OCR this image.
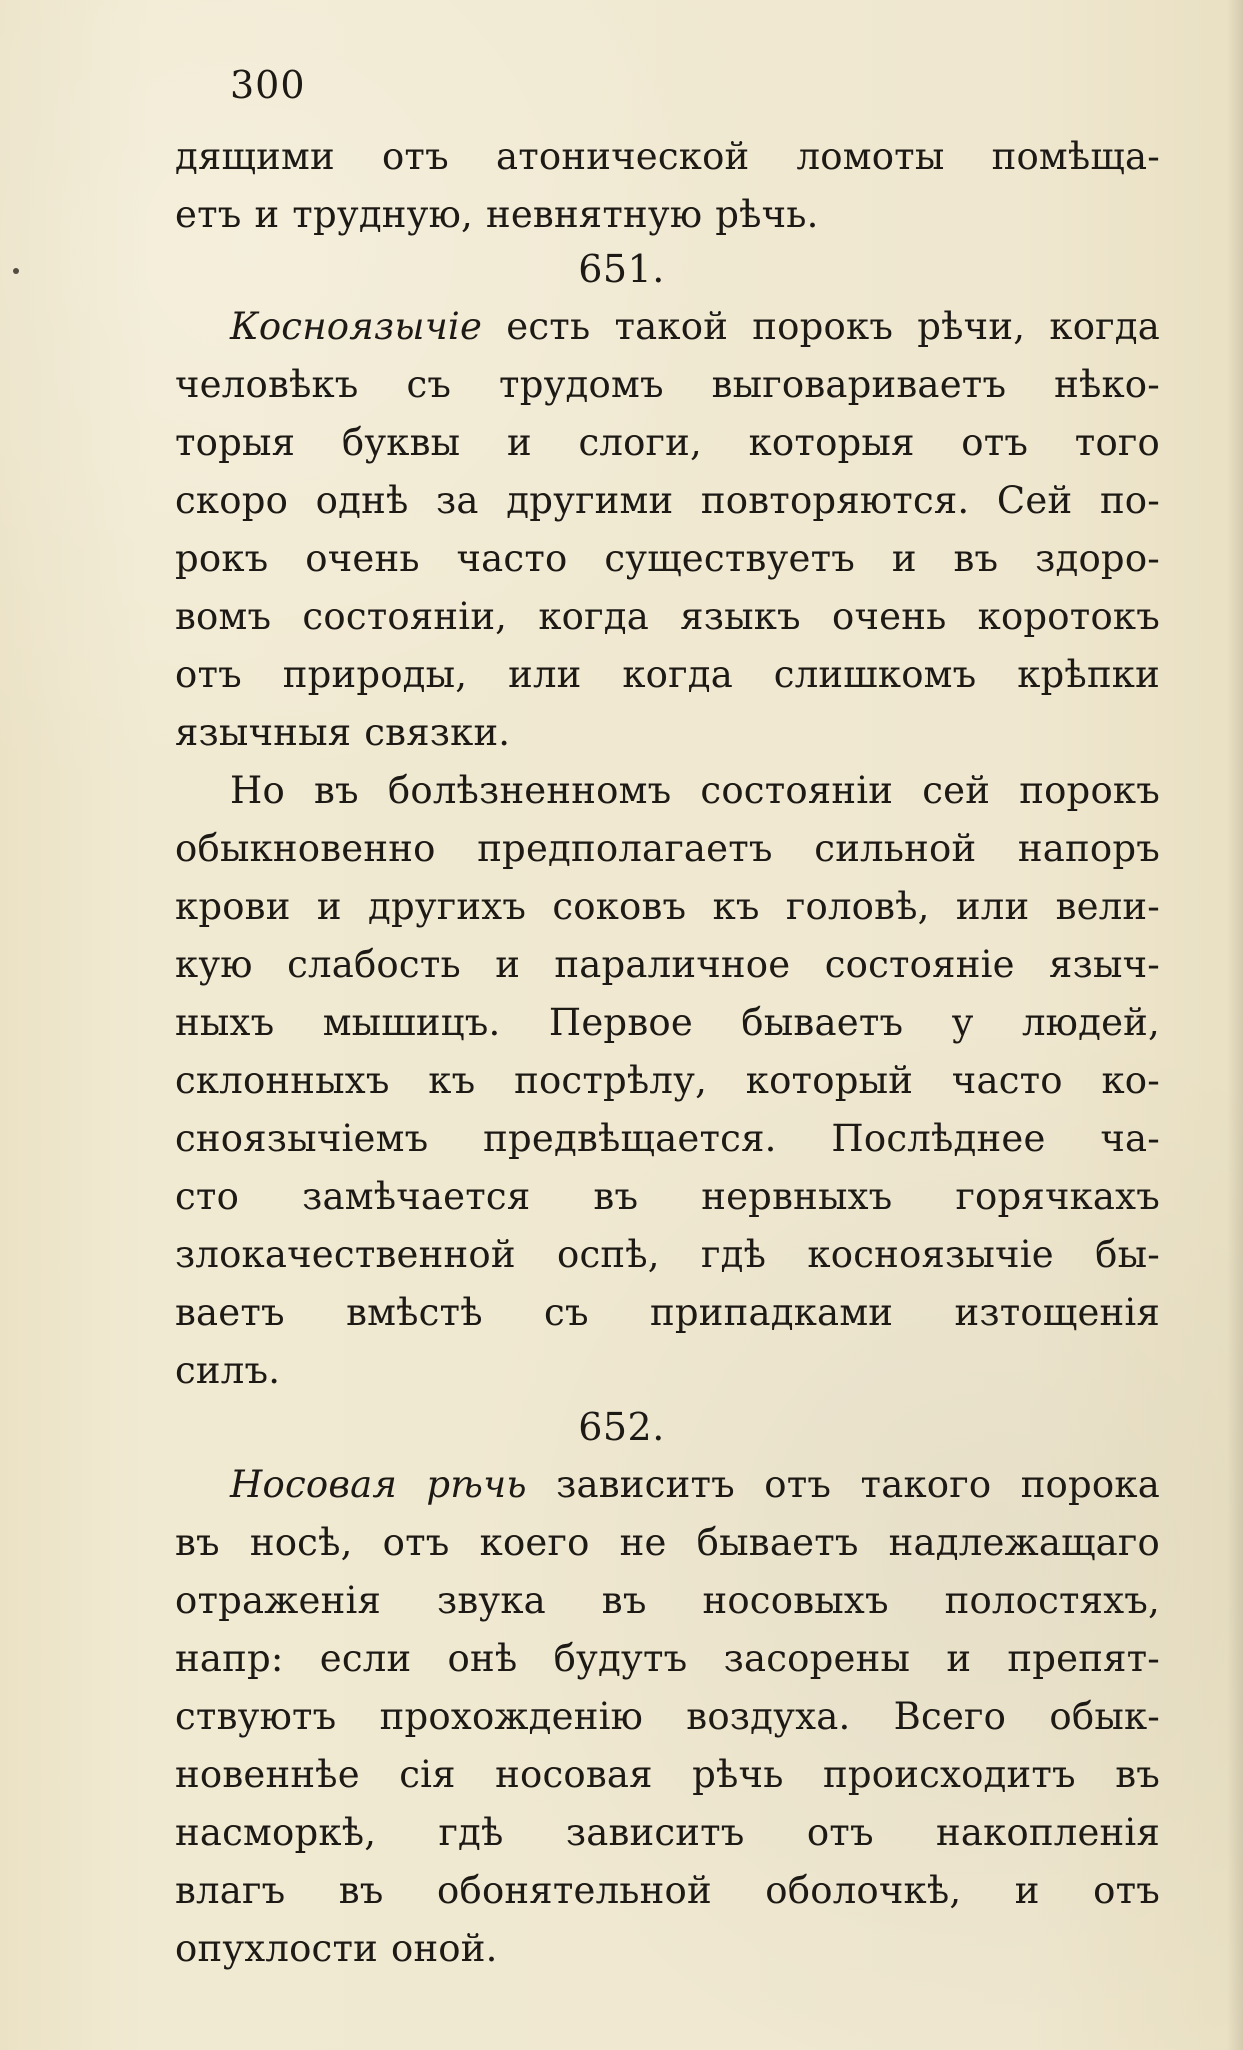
300
дящими отъ атонической ломоты помѣща-
етъ и трудную, невнятную рѣчь.
651.
Косноязычіе есть такой порокъ рѣчи, когда
человѣкъ съ трудомъ выговариваетъ нѣко-
торыя буквы и слоги, которыя отъ того
скоро однѣ за другими повторяются. Сей по-
рокъ очень часто существуетъ и въ здоро-
вомъ состояніи, когда языкъ очень коротокъ
отъ природы, или когда слишкомъ крѣпки
язычныя связки.
Но въ болѣзненномъ состояніи сей порокъ
обыкновенно предполагаетъ сильной напоръ
крови и другихъ соковъ къ головѣ, или вели-
кую слабость и параличное состояніе языч-
ныхъ мышицъ. Первое бываетъ у людей,
склонныхъ къ пострѣлу, который часто ко-
сноязычіемъ предвѣщается. Послѣднее ча-
сто замѣчается въ нервныхъ горячкахъ
злокачественной оспѣ, гдѣ косноязычіе бы-
ваетъ вмѣстѣ съ припадками изтощенія
силъ.
652.
Носовая рѣчь зависитъ отъ такого порока
въ носѣ, отъ коего не бываетъ надлежащаго
отраженія звука въ носовыхъ полостяхъ,
напр: если онѣ будутъ засорены и препят-
ствуютъ прохожденію воздуха. Всего обык-
новеннѣе сія носовая рѣчь происходитъ въ
насморкѣ, гдѣ зависитъ отъ накопленія
влагъ въ обонятельной оболочкѣ, и отъ
опухлости оной.
